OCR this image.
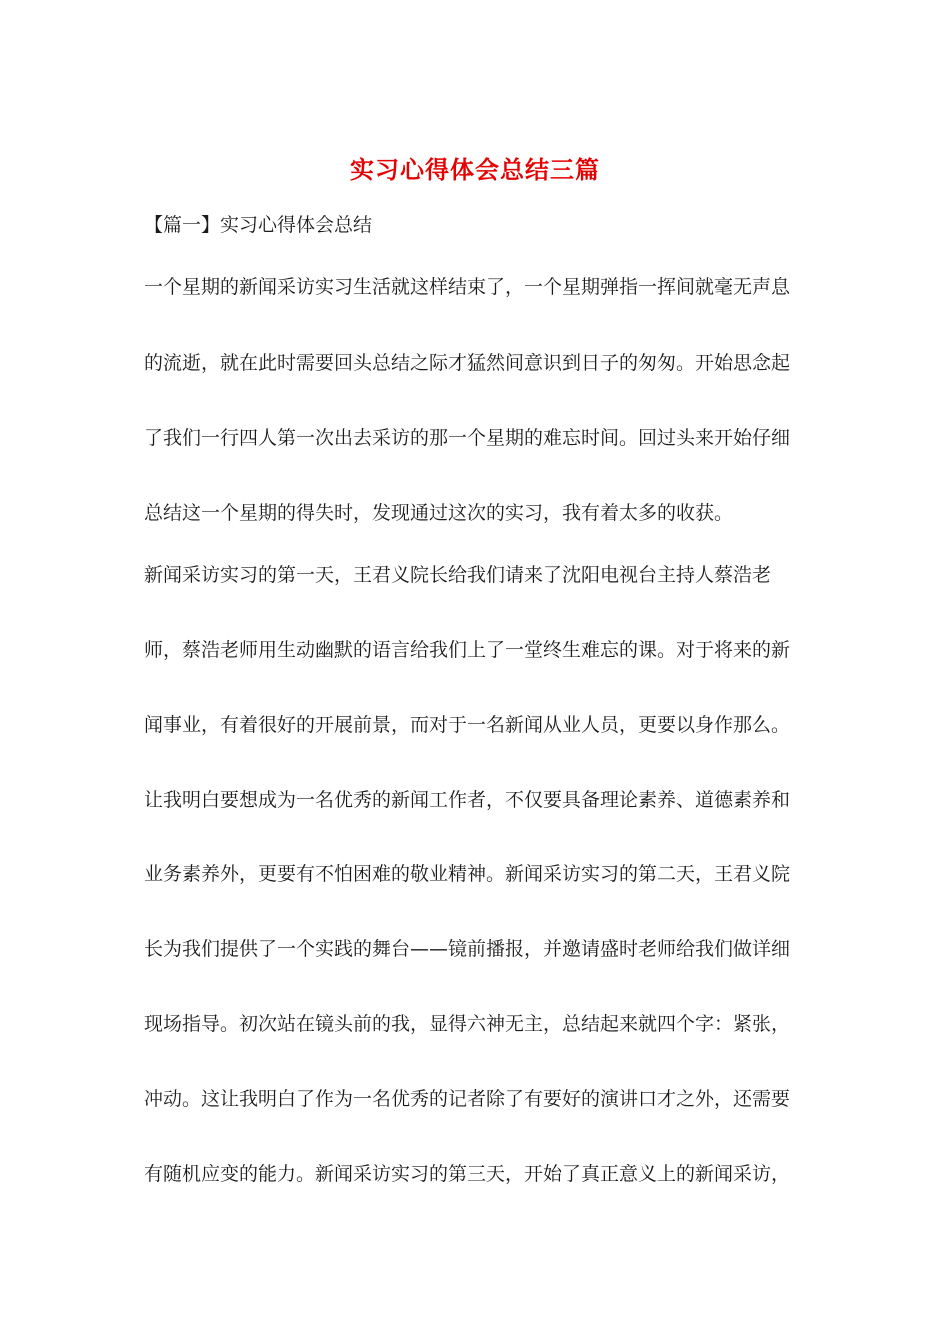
实习心得体会总结三篇
【篇一】实习心得体会总结
一个星期的新闻采访实习生活就这样结束了，一个星期弹指一挥间就毫无声息
的流逝，就在此时需要回头总结之际才猛然间意识到日子的匆匆。开始思念起
了我们一行四人第一次出去采访的那一个星期的难忘时间。回过头来开始仔细
总结这一个星期的得失时，发现通过这次的实习，我有着太多的收获。
新闻采访实习的第一天，王君义院长给我们请来了沈阳电视台主持人蔡浩老
师，蔡浩老师用生动幽默的语言给我们上了一堂终生难忘的课。对于将来的新
闻事业，有着很好的开展前景，而对于一名新闻从业人员，更要以身作那么。
让我明白要想成为一名优秀的新闻工作者，不仅要具备理论素养、道德素养和
业务素养外，更要有不怕困难的敬业精神。新闻采访实习的第二天，王君义院
长为我们提供了一个实践的舞台——镜前播报，并邀请盛时老师给我们做详细
现场指导。初次站在镜头前的我，显得六神无主，总结起来就四个字：紧张，
冲动。这让我明白了作为一名优秀的记者除了有要好的演讲口才之外，还需要
有随机应变的能力。新闻采访实习的第三天，开始了真正意义上的新闻采访，
